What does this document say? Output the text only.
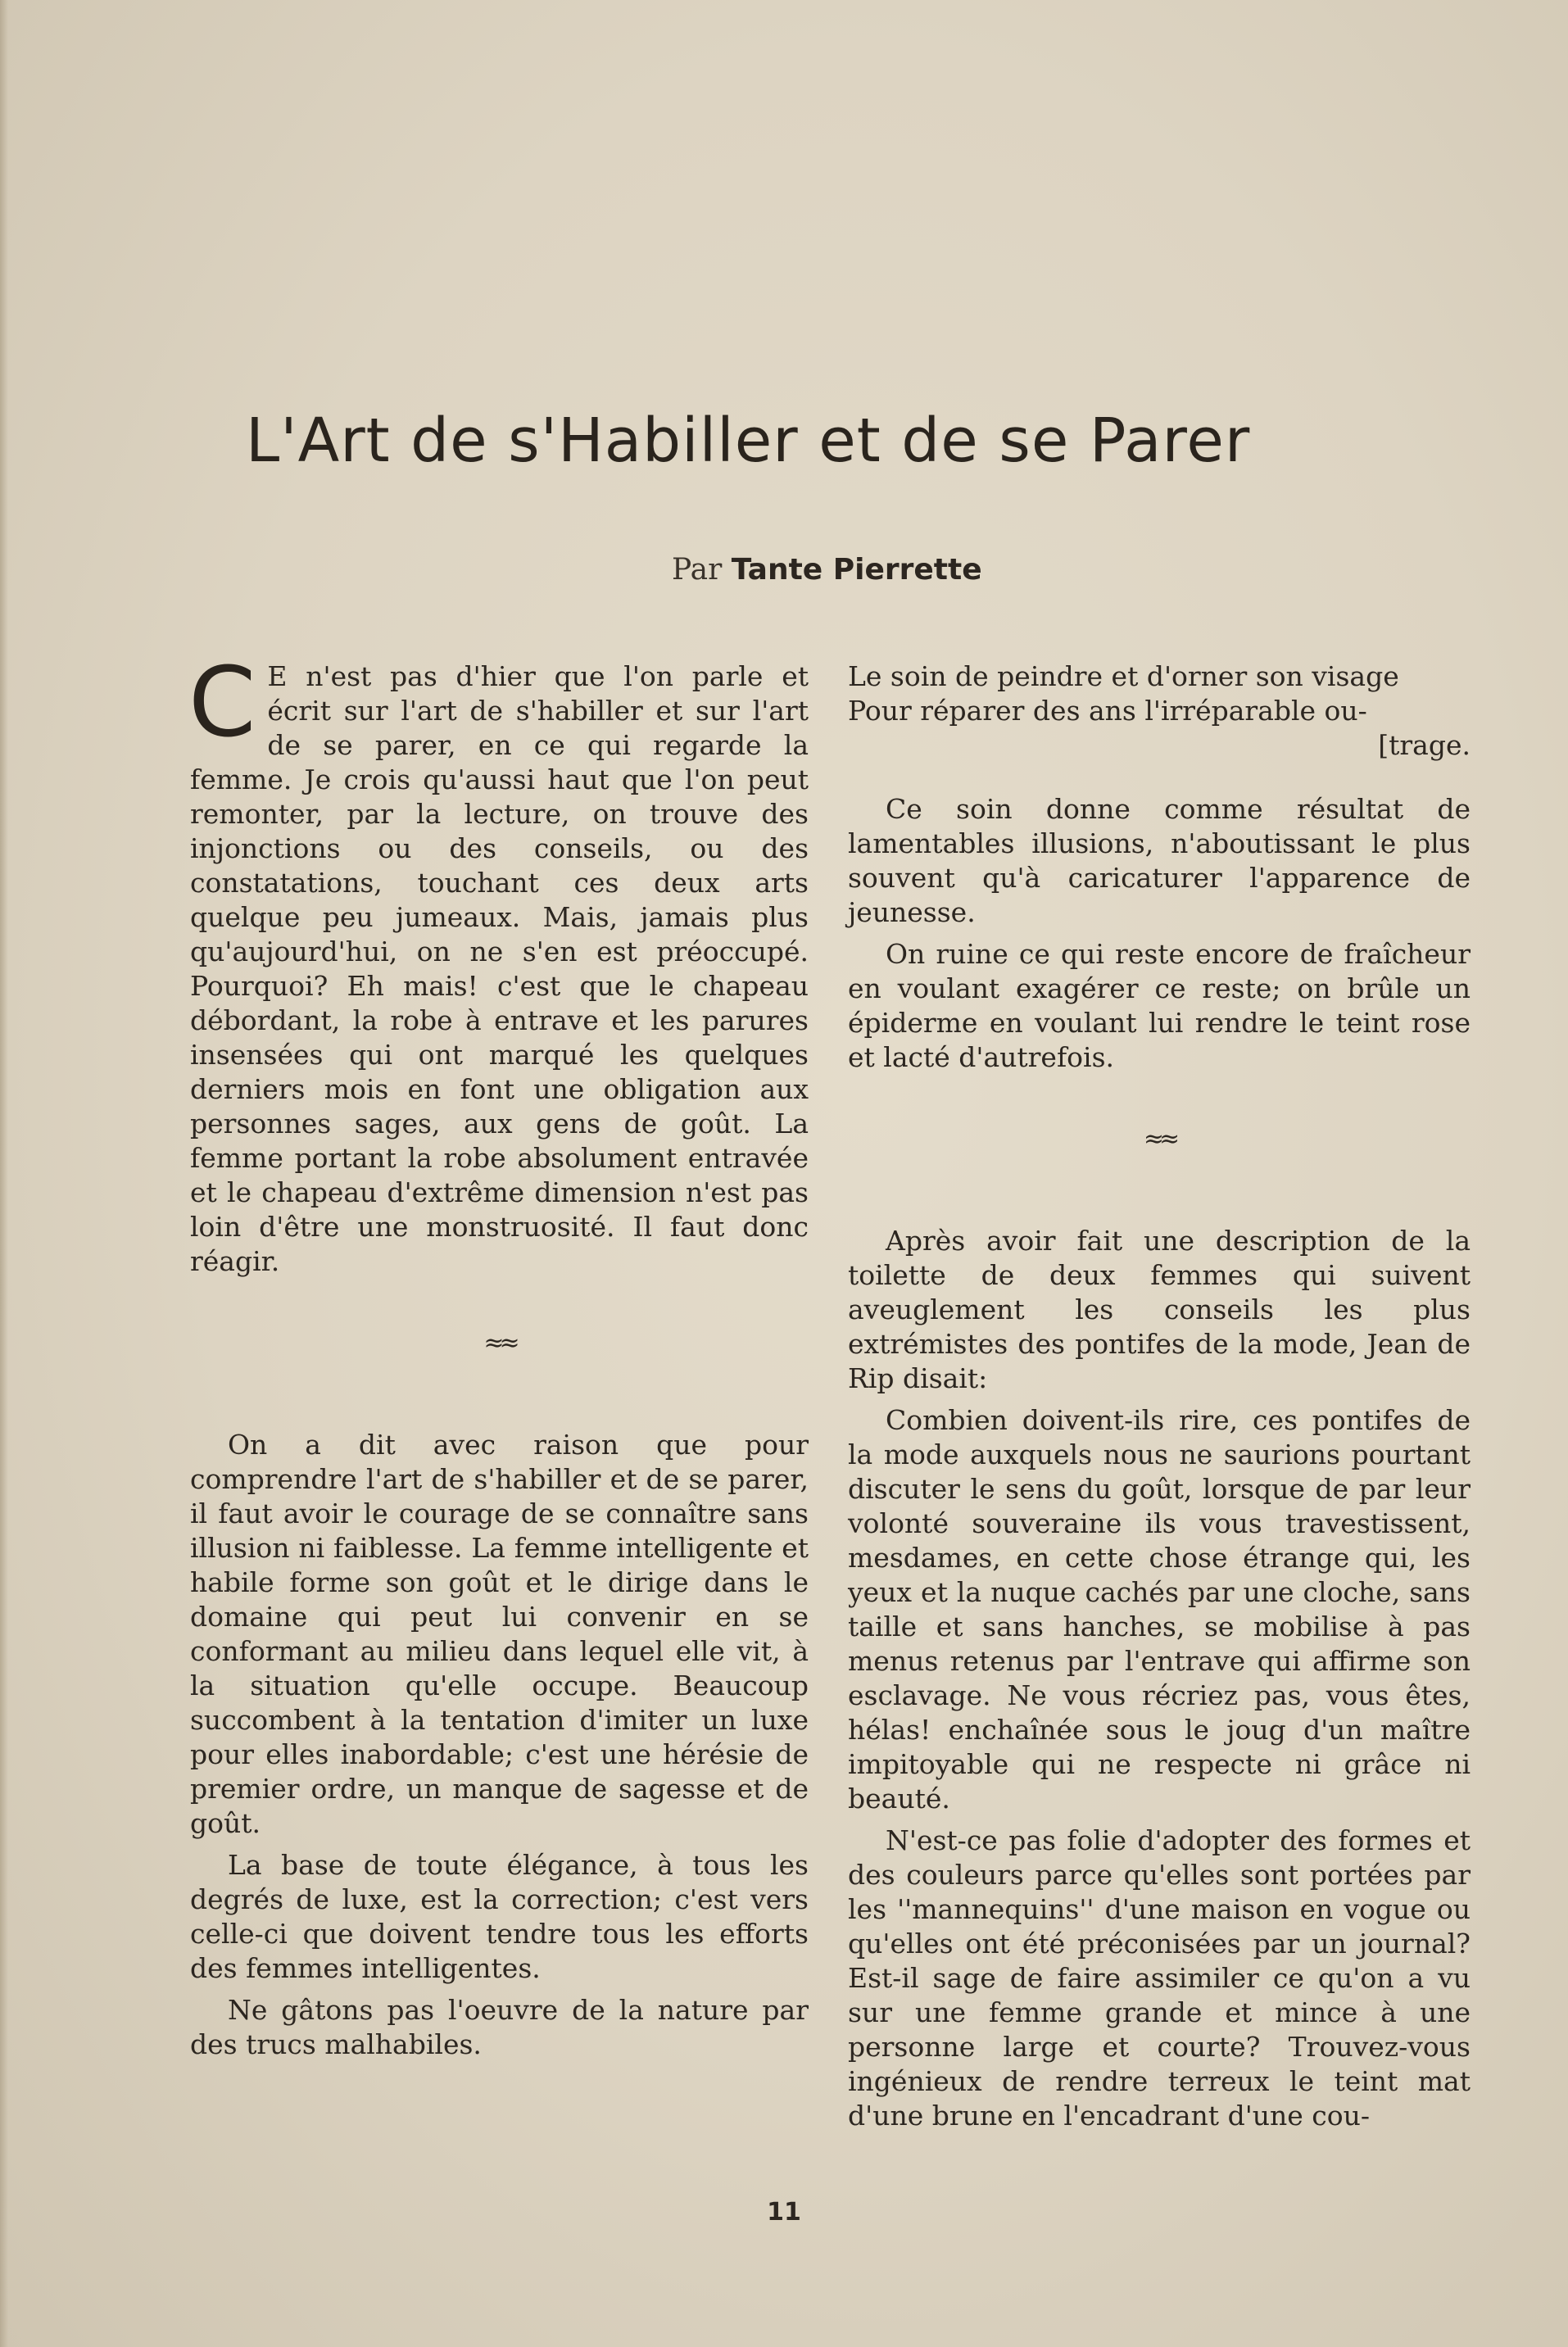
L'Art de s'Habiller et de se Parer

Par Tante Pierrette

C E n'est pas d'hier que l'on parle et écrit sur l'art de s'habiller et sur l'art de se parer, en ce qui regarde la femme. Je crois qu'aussi haut que l'on peut remonter, par la lecture, on trouve des injonctions ou des conseils, ou des constatations, touchant ces deux arts quelque peu jumeaux. Mais, jamais plus qu'aujourd'hui, on ne s'en est préoccupé. Pourquoi? Eh mais! c'est que le chapeau débordant, la robe à entrave et les parures insensées qui ont marqué les quelques derniers mois en font une obligation aux personnes sages, aux gens de goût. La femme portant la robe absolument entravée et le chapeau d'extrême dimension n'est pas loin d'être une monstruosité. Il faut donc réagir.

≈≈

On a dit avec raison que pour comprendre l'art de s'habiller et de se parer, il faut avoir le courage de se connaître sans illusion ni faiblesse. La femme intelligente et habile forme son goût et le dirige dans le domaine qui peut lui convenir en se conformant au milieu dans lequel elle vit, à la situation qu'elle occupe. Beaucoup succombent à la tentation d'imiter un luxe pour elles inabordable; c'est une hérésie de premier ordre, un manque de sagesse et de goût.

La base de toute élégance, à tous les degrés de luxe, est la correction; c'est vers celle-ci que doivent tendre tous les efforts des femmes intelligentes.

Ne gâtons pas l'oeuvre de la nature par des trucs malhabiles.

Le soin de peindre et d'orner son visage

Pour réparer des ans l'irréparable ou-

[trage.

Ce soin donne comme résultat de lamentables illusions, n'aboutissant le plus souvent qu'à caricaturer l'apparence de jeunesse.

On ruine ce qui reste encore de fraîcheur en voulant exagérer ce reste; on brûle un épiderme en voulant lui rendre le teint rose et lacté d'autrefois.

≈≈

Après avoir fait une description de la toilette de deux femmes qui suivent aveuglement les conseils les plus extrémistes des pontifes de la mode, Jean de Rip disait:

Combien doivent-ils rire, ces pontifes de la mode auxquels nous ne saurions pourtant discuter le sens du goût, lorsque de par leur volonté souveraine ils vous travestissent, mesdames, en cette chose étrange qui, les yeux et la nuque cachés par une cloche, sans taille et sans hanches, se mobilise à pas menus retenus par l'entrave qui affirme son esclavage. Ne vous récriez pas, vous êtes, hélas! enchaînée sous le joug d'un maître impitoyable qui ne respecte ni grâce ni beauté.

N'est-ce pas folie d'adopter des formes et des couleurs parce qu'elles sont portées par les ''mannequins'' d'une maison en vogue ou qu'elles ont été préconisées par un journal? Est-il sage de faire assimiler ce qu'on a vu sur une femme grande et mince à une personne large et courte? Trouvez-vous ingénieux de rendre terreux le teint mat d'une brune en l'encadrant d'une cou-

11
